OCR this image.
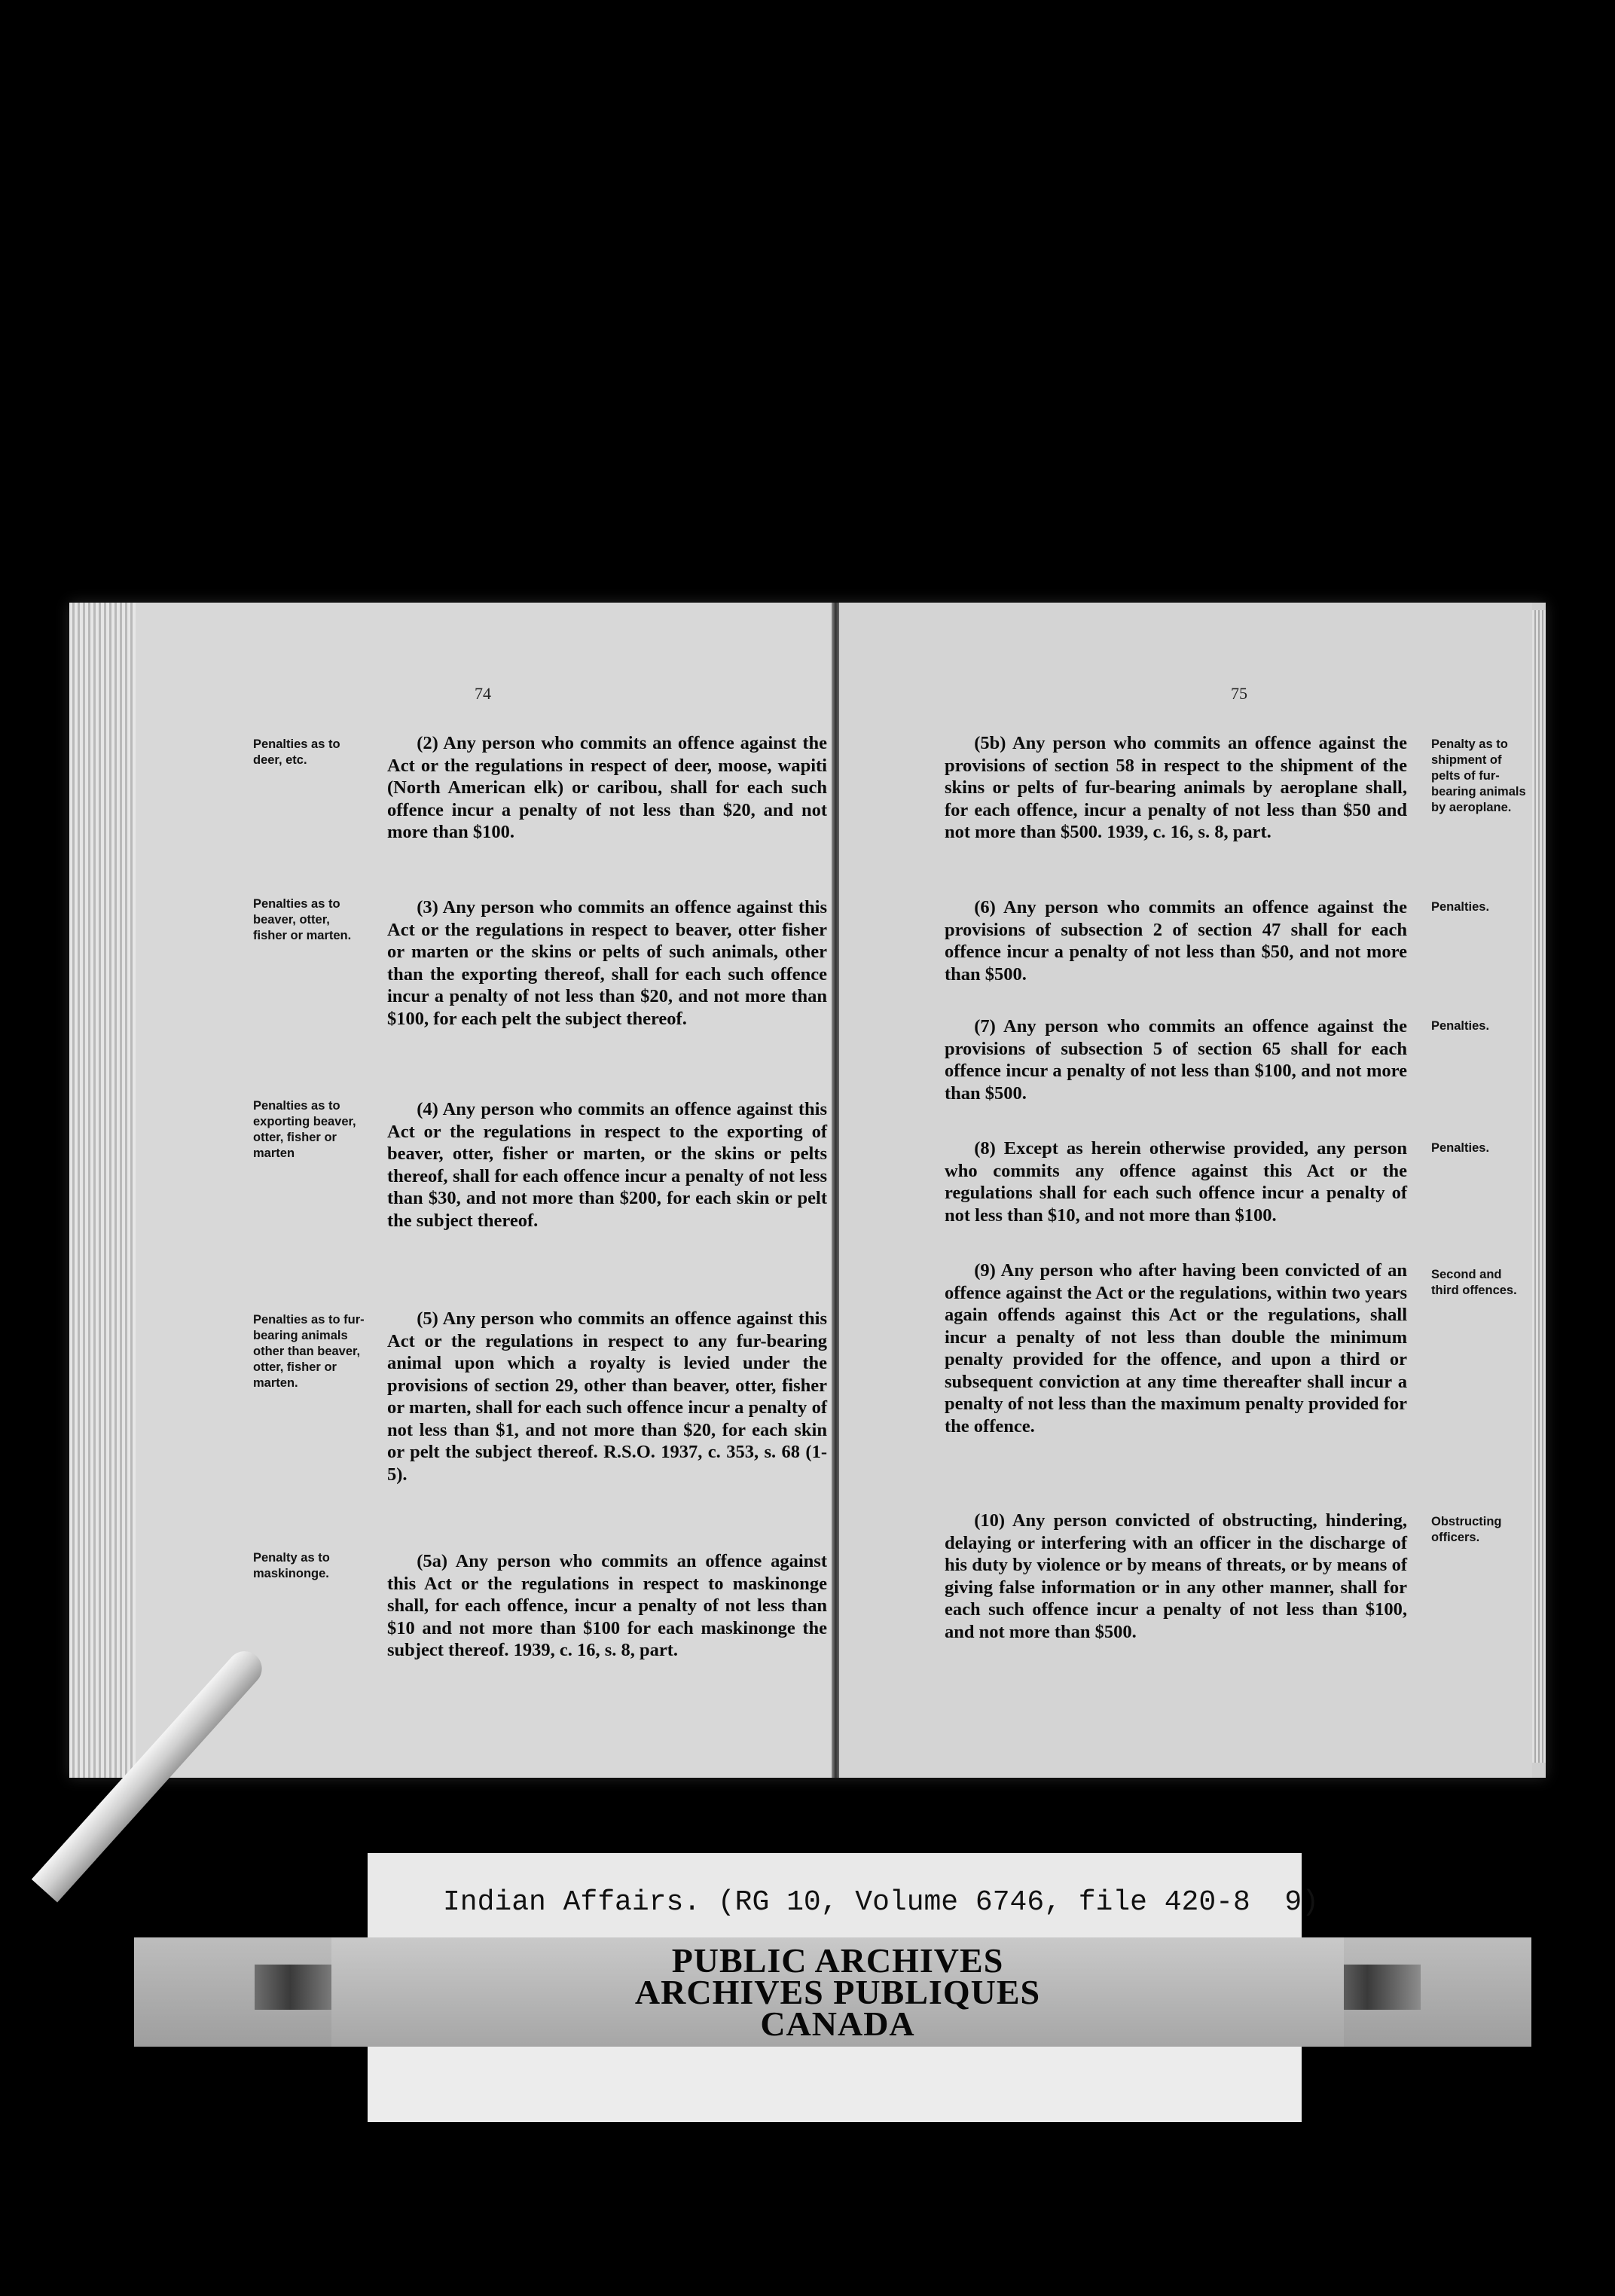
74
Penalties as to deer, etc.
Penalties as to beaver, otter, fisher or marten.
Penalties as to exporting beaver, otter, fisher or marten
Penalties as to fur-bearing animals other than beaver, otter, fisher or marten.
Penalty as to maskinonge.
(2) Any person who commits an offence against the Act or the regulations in respect of deer, moose, wapiti (North American elk) or caribou, shall for each such offence incur a penalty of not less than $20, and not more than $100.
(3) Any person who commits an offence against this Act or the regulations in respect to beaver, otter fisher or marten or the skins or pelts of such animals, other than the exporting thereof, shall for each such offence incur a penalty of not less than $20, and not more than $100, for each pelt the subject thereof.
(4) Any person who commits an offence against this Act or the regulations in respect to the exporting of beaver, otter, fisher or marten, or the skins or pelts thereof, shall for each offence incur a penalty of not less than $30, and not more than $200, for each skin or pelt the subject thereof.
(5) Any person who commits an offence against this Act or the regulations in respect to any fur-bearing animal upon which a royalty is levied under the provisions of section 29, other than beaver, otter, fisher or marten, shall for each such offence incur a penalty of not less than $1, and not more than $20, for each skin or pelt the subject thereof. R.S.O. 1937, c. 353, s. 68 (1-5).
(5a) Any person who commits an offence against this Act or the regulations in respect to maskinonge shall, for each offence, incur a penalty of not less than $10 and not more than $100 for each maskinonge the subject thereof. 1939, c. 16, s. 8, part.
75
(5b) Any person who commits an offence against the provisions of section 58 in respect to the shipment of the skins or pelts of fur-bearing animals by aeroplane shall, for each offence, incur a penalty of not less than $50 and not more than $500. 1939, c. 16, s. 8, part.
(6) Any person who commits an offence against the provisions of subsection 2 of section 47 shall for each offence incur a penalty of not less than $50, and not more than $500.
(7) Any person who commits an offence against the provisions of subsection 5 of section 65 shall for each offence incur a penalty of not less than $100, and not more than $500.
(8) Except as herein otherwise provided, any person who commits any offence against this Act or the regulations shall for each such offence incur a penalty of not less than $10, and not more than $100.
(9) Any person who after having been convicted of an offence against the Act or the regulations, within two years again offends against this Act or the regulations, shall incur a penalty of not less than double the minimum penalty provided for the offence, and upon a third or subsequent conviction at any time thereafter shall incur a penalty of not less than the maximum penalty provided for the offence.
(10) Any person convicted of obstructing, hindering, delaying or interfering with an officer in the discharge of his duty by violence or by means of threats, or by means of giving false information or in any other manner, shall for each such offence incur a penalty of not less than $100, and not more than $500.
Penalty as to shipment of pelts of fur-bearing animals by aeroplane.
Penalties.
Penalties.
Penalties.
Second and third offences.
Obstructing officers.
Indian Affairs. (RG 10, Volume 6746, file 420-8  9)
PUBLIC ARCHIVES
ARCHIVES PUBLIQUES
CANADA
